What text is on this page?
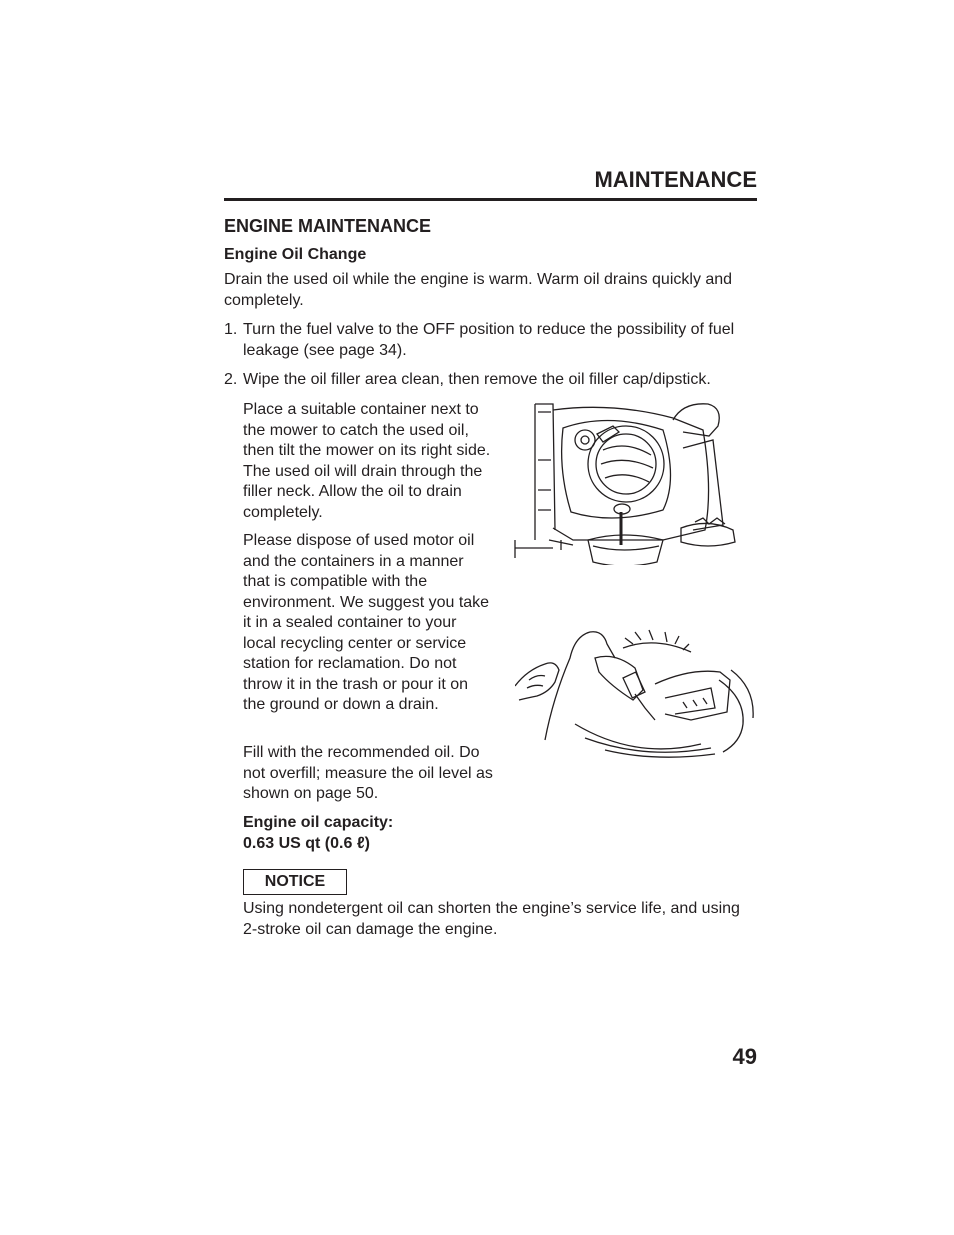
MAINTENANCE
ENGINE MAINTENANCE
Engine Oil Change
Drain the used oil while the engine is warm. Warm oil drains quickly and completely.
1. Turn the fuel valve to the OFF position to reduce the possibility of fuel leakage (see page 34).
2. Wipe the oil filler area clean, then remove the oil filler cap/dipstick.
Place a suitable container next to the mower to catch the used oil, then tilt the mower on its right side. The used oil will drain through the filler neck. Allow the oil to drain completely.
Please dispose of used motor oil and the containers in a manner that is compatible with the environment. We suggest you take it in a sealed container to your local recycling center or service station for reclamation. Do not throw it in the trash or pour it on the ground or down a drain.
Fill with the recommended oil. Do not overfill; measure the oil level as shown on page 50.
Engine oil capacity:
0.63 US qt (0.6 ℓ)
NOTICE
Using nondetergent oil can shorten the engine’s service life, and using 2-stroke oil can damage the engine.
49
